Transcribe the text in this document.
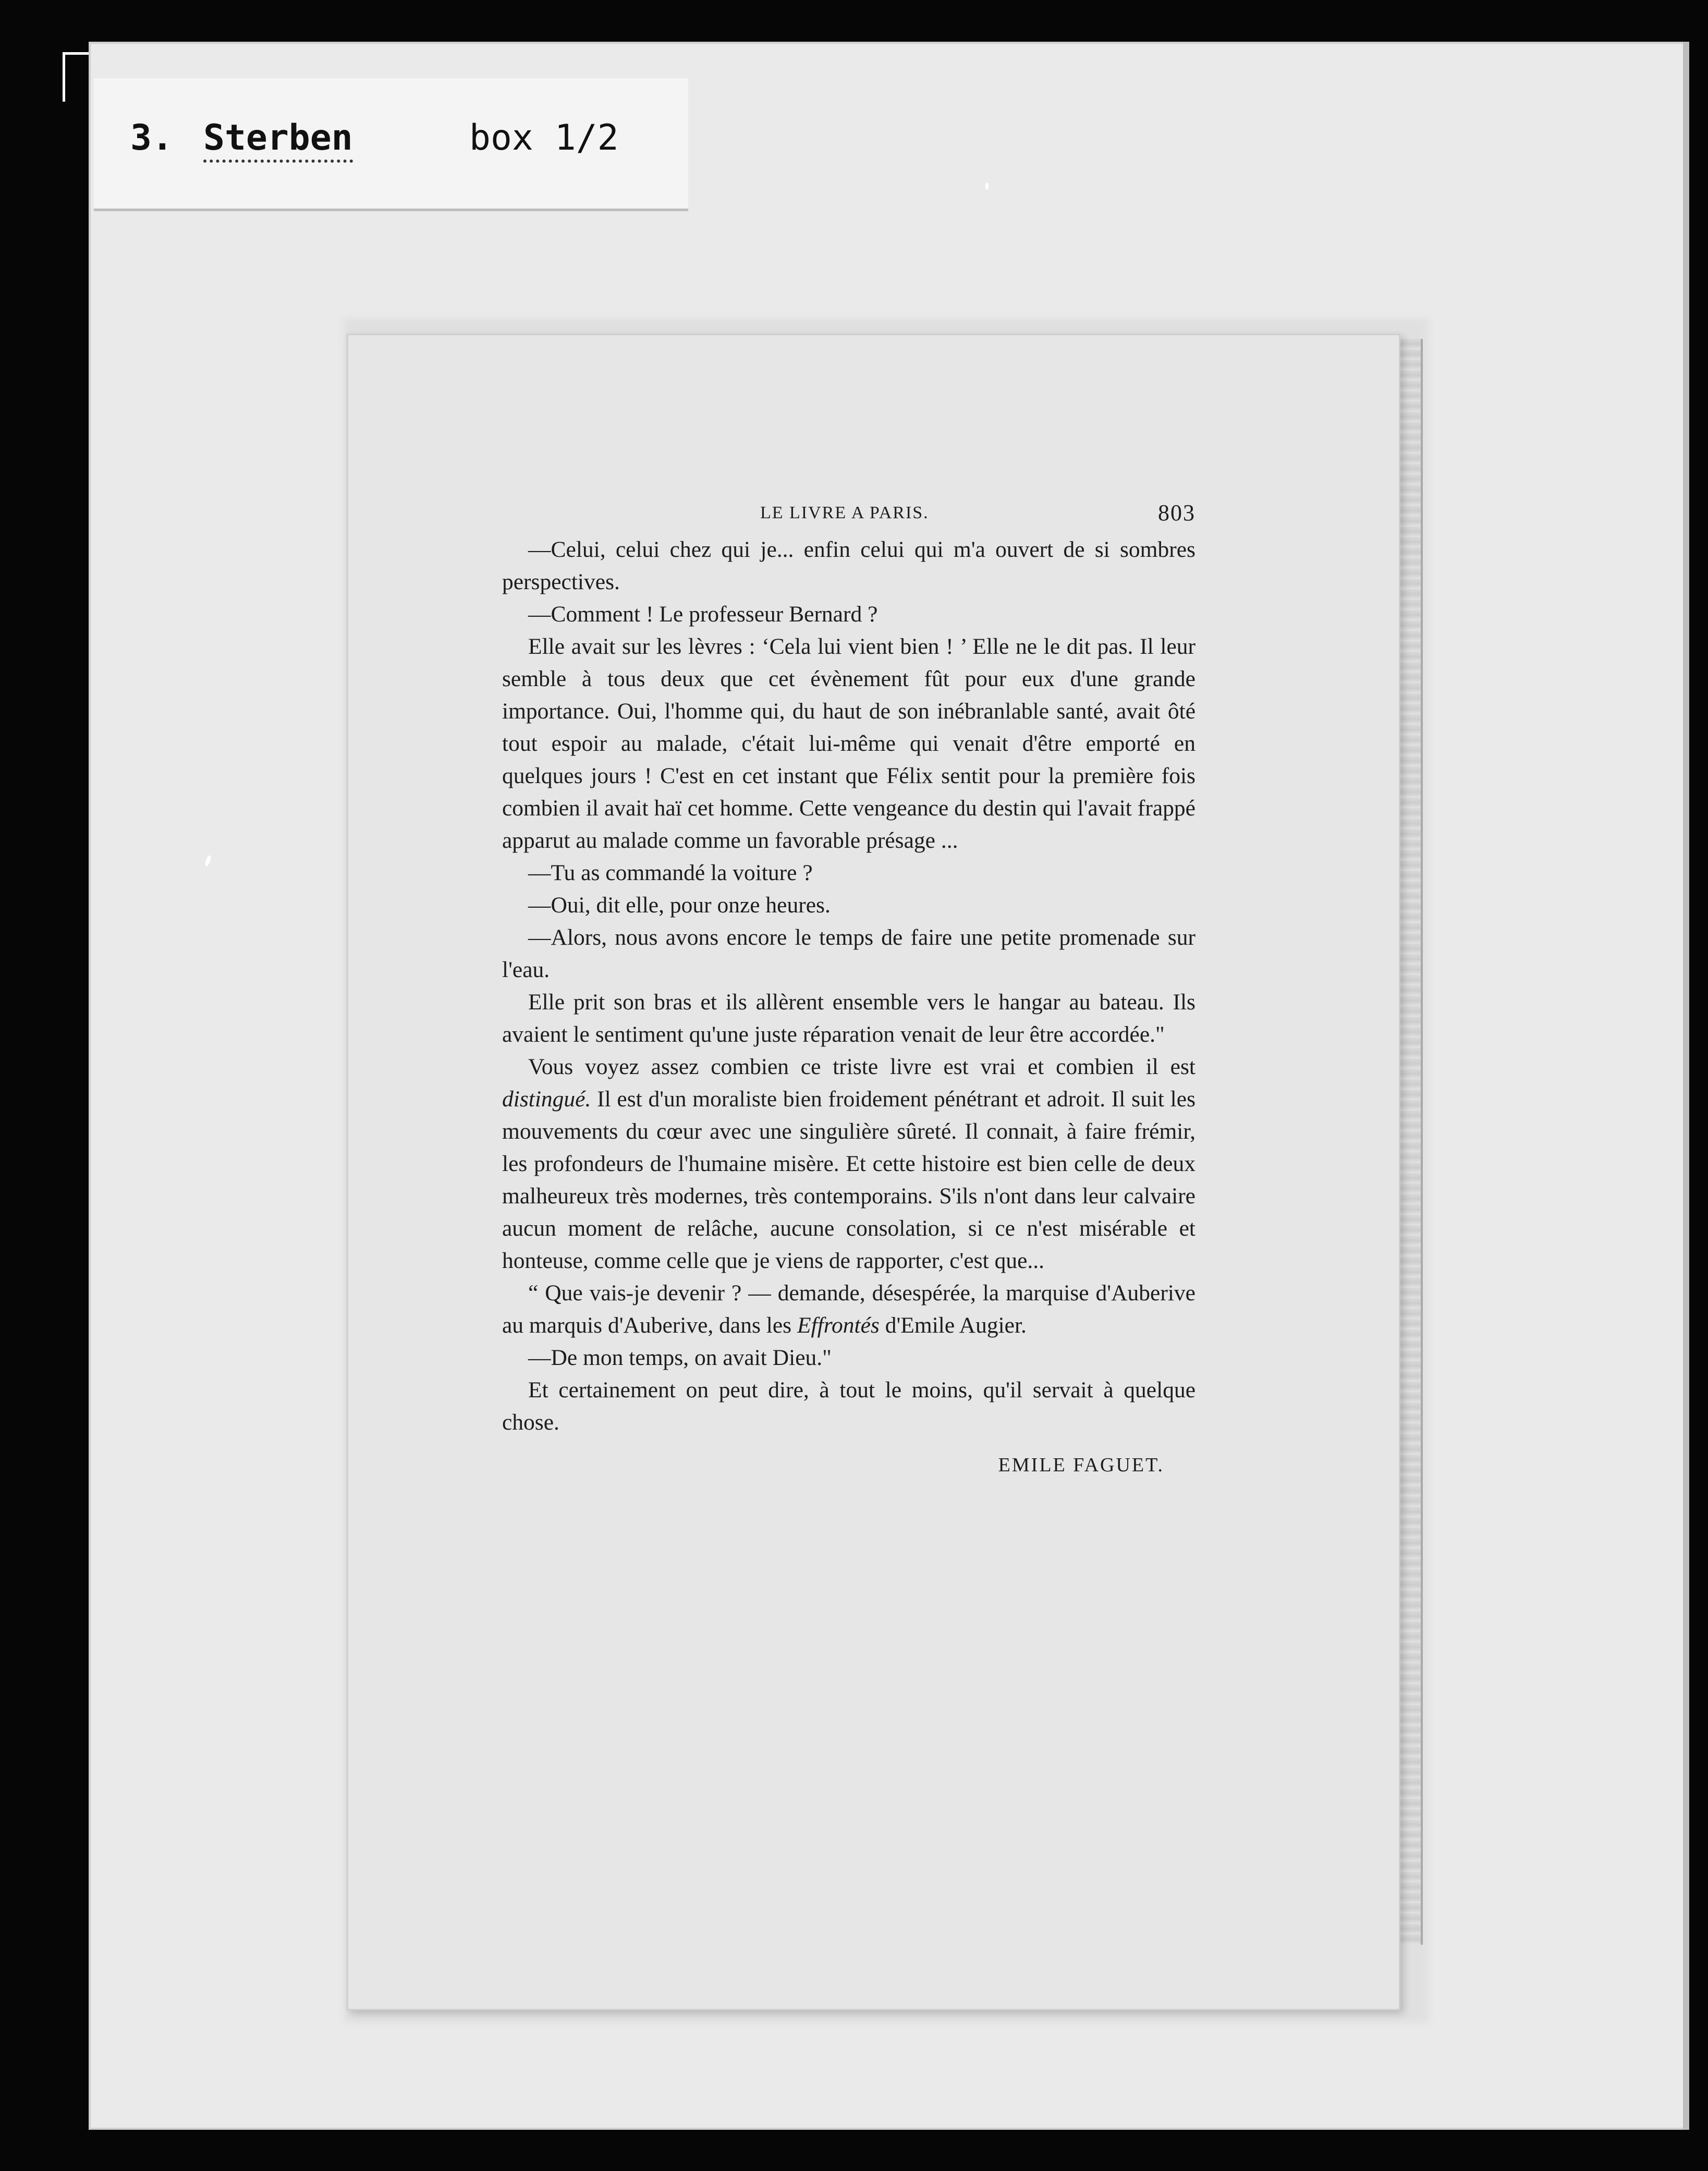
3. Sterben	box 1/2
LE LIVRE A PARIS.	803

—Celui, celui chez qui je... enfin celui qui m'a ouvert de si sombres perspectives.

—Comment ! Le professeur Bernard ?

Elle avait sur les lèvres : ‘Cela lui vient bien ! ’ Elle ne le dit pas. Il leur semble à tous deux que cet évènement fût pour eux d'une grande importance. Oui, l'homme qui, du haut de son inébranlable santé, avait ôté tout espoir au malade, c'était lui-même qui venait d'être emporté en quelques jours ! C'est en cet instant que Félix sentit pour la première fois combien il avait haï cet homme. Cette vengeance du destin qui l'avait frappé apparut au malade comme un favorable présage ...

—Tu as commandé la voiture ?

—Oui, dit elle, pour onze heures.

—Alors, nous avons encore le temps de faire une petite promenade sur l'eau.

Elle prit son bras et ils allèrent ensemble vers le hangar au bateau. Ils avaient le sentiment qu'une juste réparation venait de leur être accordée."

Vous voyez assez combien ce triste livre est vrai et combien il est distingué. Il est d'un moraliste bien froidement pénétrant et adroit. Il suit les mouvements du cœur avec une singulière sûreté. Il connait, à faire frémir, les profondeurs de l'humaine misère. Et cette histoire est bien celle de deux malheureux très modernes, très contemporains. S'ils n'ont dans leur calvaire aucun moment de relâche, aucune consolation, si ce n'est misérable et honteuse, comme celle que je viens de rapporter, c'est que...

“ Que vais-je devenir ? — demande, désespérée, la marquise d'Auberive au marquis d'Auberive, dans les Effrontés d'Emile Augier.

—De mon temps, on avait Dieu."

Et certainement on peut dire, à tout le moins, qu'il servait à quelque chose.

EMILE FAGUET.
